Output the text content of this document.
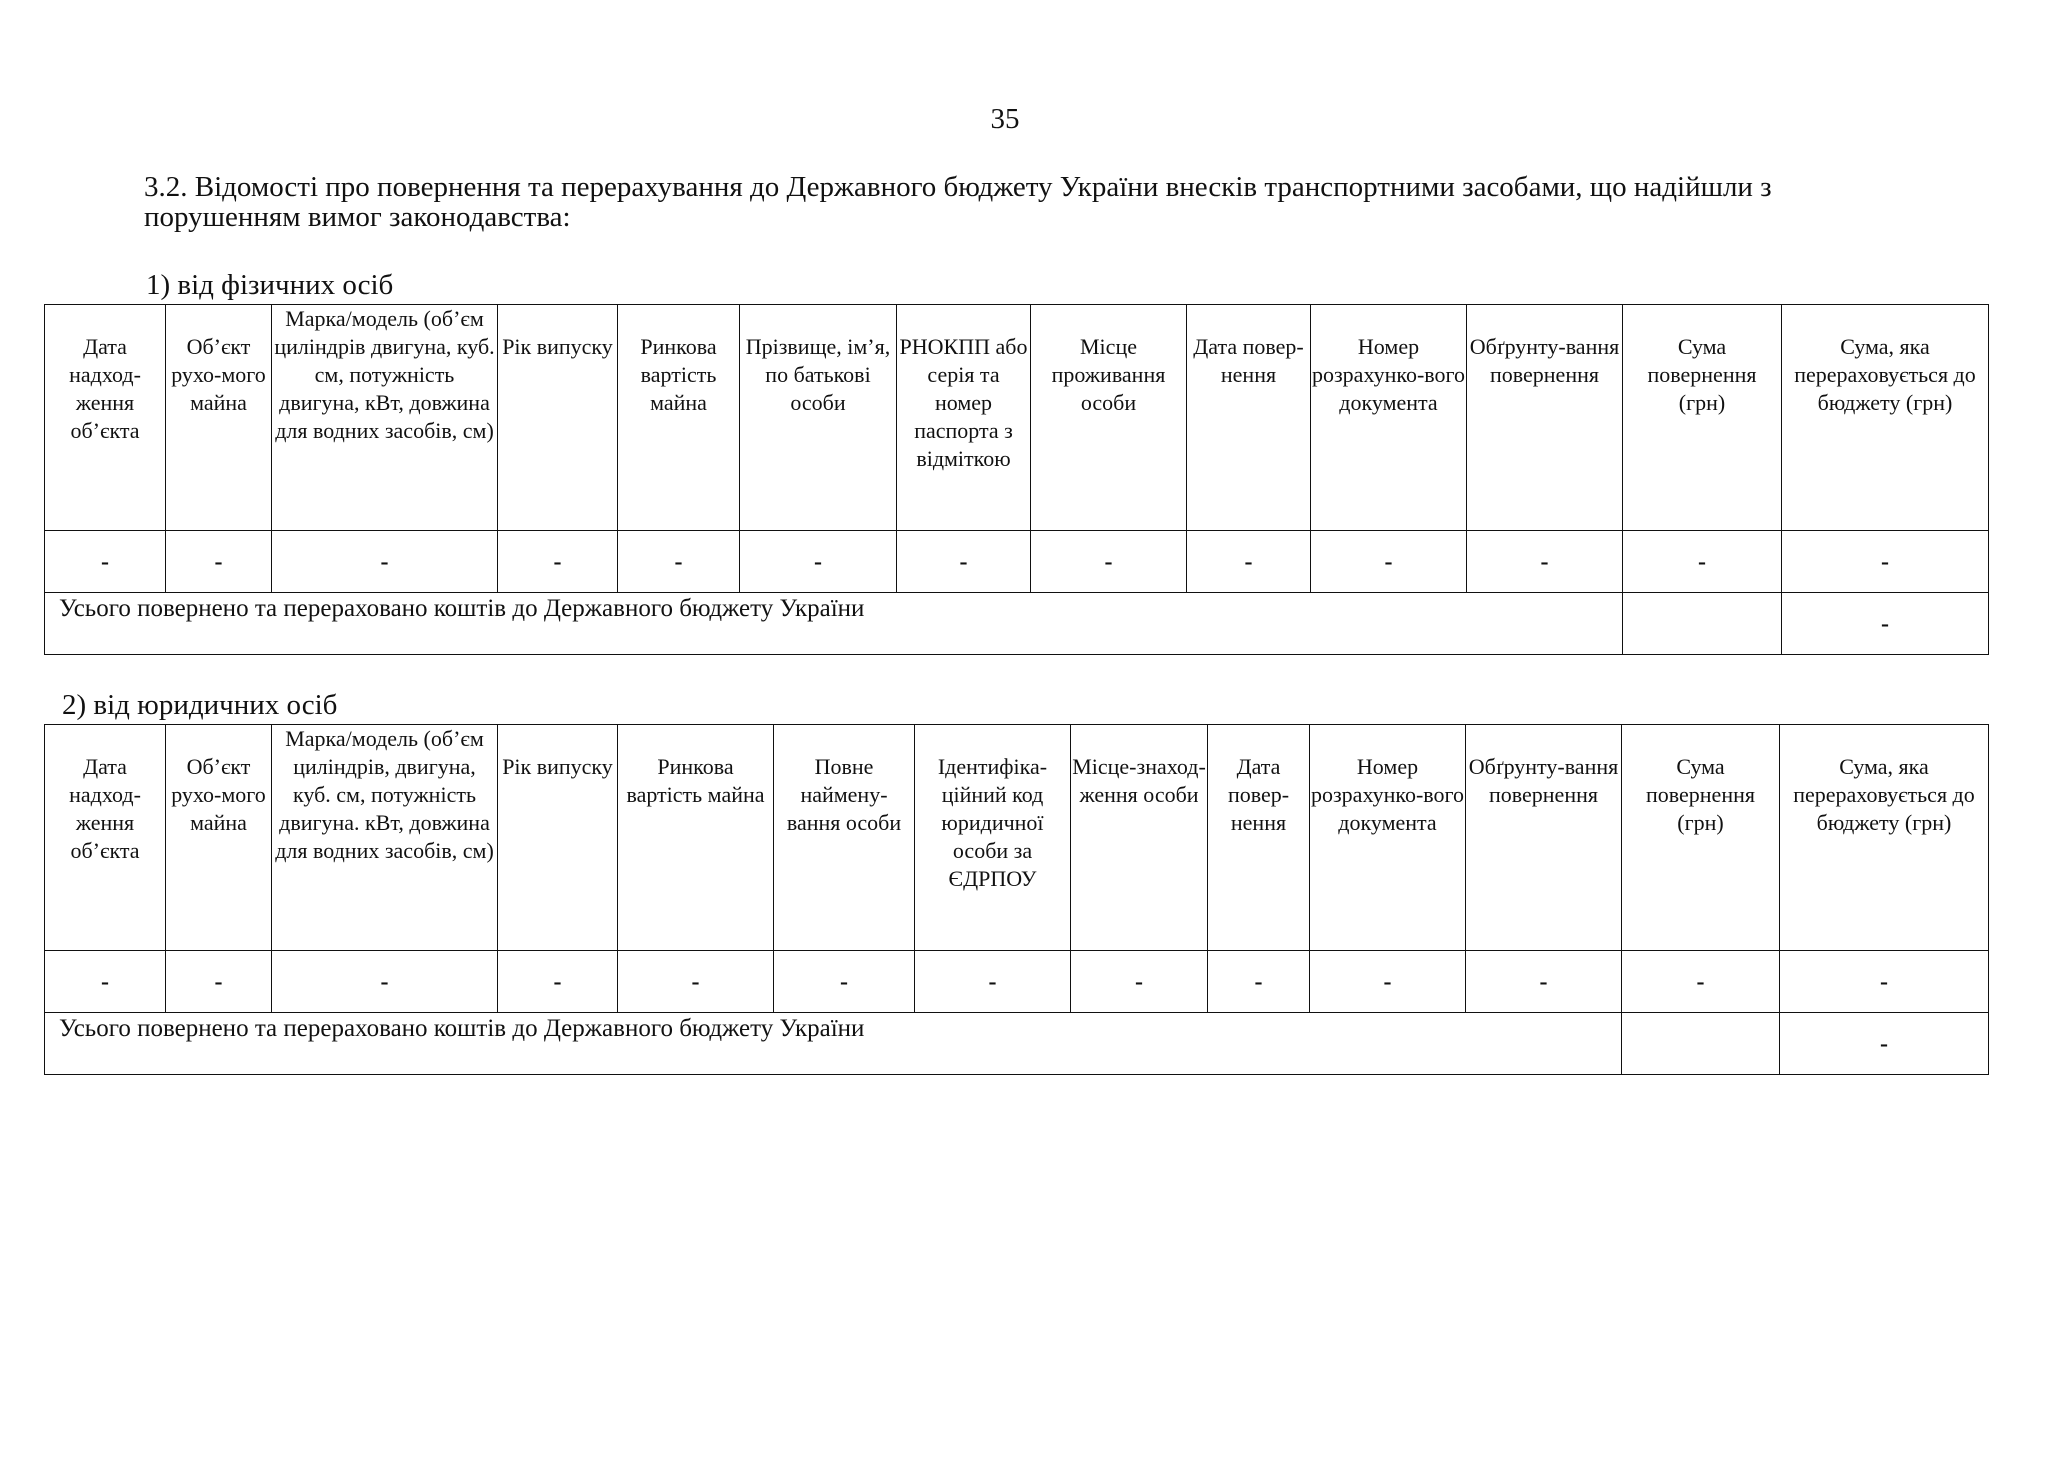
35
3.2. Відомості про повернення та перерахування до Державного бюджету України внесків транспортними засобами, що надійшли з порушенням вимог законодавства:
1) від фізичних осіб
Дата надход-ження об’єкта	Об’єкт рухо-мого майна	Марка/модель (об’єм циліндрів двигуна, куб. см, потужність двигуна, кВт, довжина для водних засобів, см)	Рік випуску	Ринкова вартість майна	Прізвище, ім’я, по батькові особи	РНОКПП або серія та номер паспорта з відміткою	Місце проживання особи	Дата повер-нення	Номер розрахунко-вого документа	Обґрунту-вання повернення	Сума повернення (грн)	Сума, яка перераховується до бюджету (грн)
-	-	-	-	-	-	-	-	-	-	-	-	-
Усього повернено та перераховано коштів до Державного бюджету України												-
2) від юридичних осіб
Дата надход-ження об’єкта	Об’єкт рухо-мого майна	Марка/модель (об’єм циліндрів, двигуна, куб. см, потужність двигуна. кВт, довжина для водних засобів, см)	Рік випуску	Ринкова вартість майна	Повне наймену-вання особи	Ідентифіка-ційний код юридичної особи за ЄДРПОУ	Місце-знаход-ження особи	Дата повер-нення	Номер розрахунко-вого документа	Обґрунту-вання повернення	Сума повернення (грн)	Сума, яка перераховується до бюджету (грн)
-	-	-	-	-	-	-	-	-	-	-	-	-
Усього повернено та перераховано коштів до Державного бюджету України												-
